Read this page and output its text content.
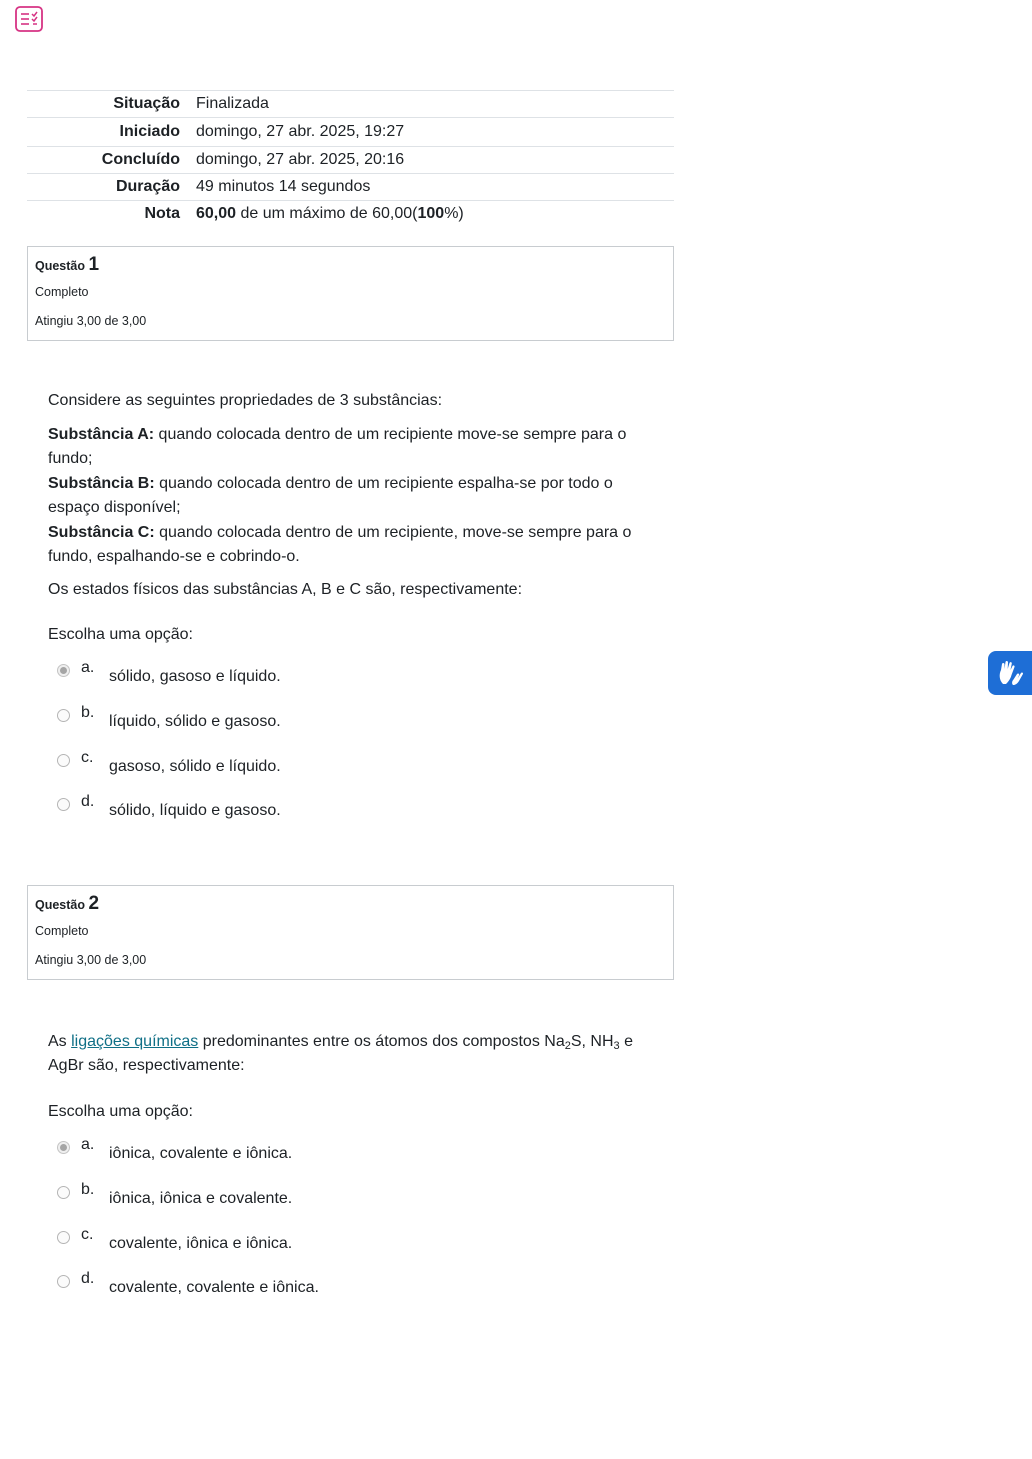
Situação	Finalizada
Iniciado	domingo, 27 abr. 2025, 19:27
Concluído	domingo, 27 abr. 2025, 20:16
Duração	49 minutos 14 segundos
Nota	60,00 de um máximo de 60,00(100%)
Questão 1
Completo
Atingiu 3,00 de 3,00

Considere as seguintes propriedades de 3 substâncias:

Substância A: quando colocada dentro de um recipiente move-se sempre para o fundo;

Substância B: quando colocada dentro de um recipiente espalha-se por todo o espaço disponível;

Substância C: quando colocada dentro de um recipiente, move-se sempre para o fundo, espalhando-se e cobrindo-o.

Os estados físicos das substâncias A, B e C são, respectivamente:

Escolha uma opção:
a.
sólido, gasoso e líquido.
b.
líquido, sólido e gasoso.
c.
gasoso, sólido e líquido.
d.
sólido, líquido e gasoso.
Questão 2
Completo
Atingiu 3,00 de 3,00

As ligações químicas predominantes entre os átomos dos compostos $Na_2S$, $NH_3$ e AgBr são, respectivamente:

Escolha uma opção:
a.
iônica, covalente e iônica.
b.
iônica, iônica e covalente.
c.
covalente, iônica e iônica.
d.
covalente, covalente e iônica.
